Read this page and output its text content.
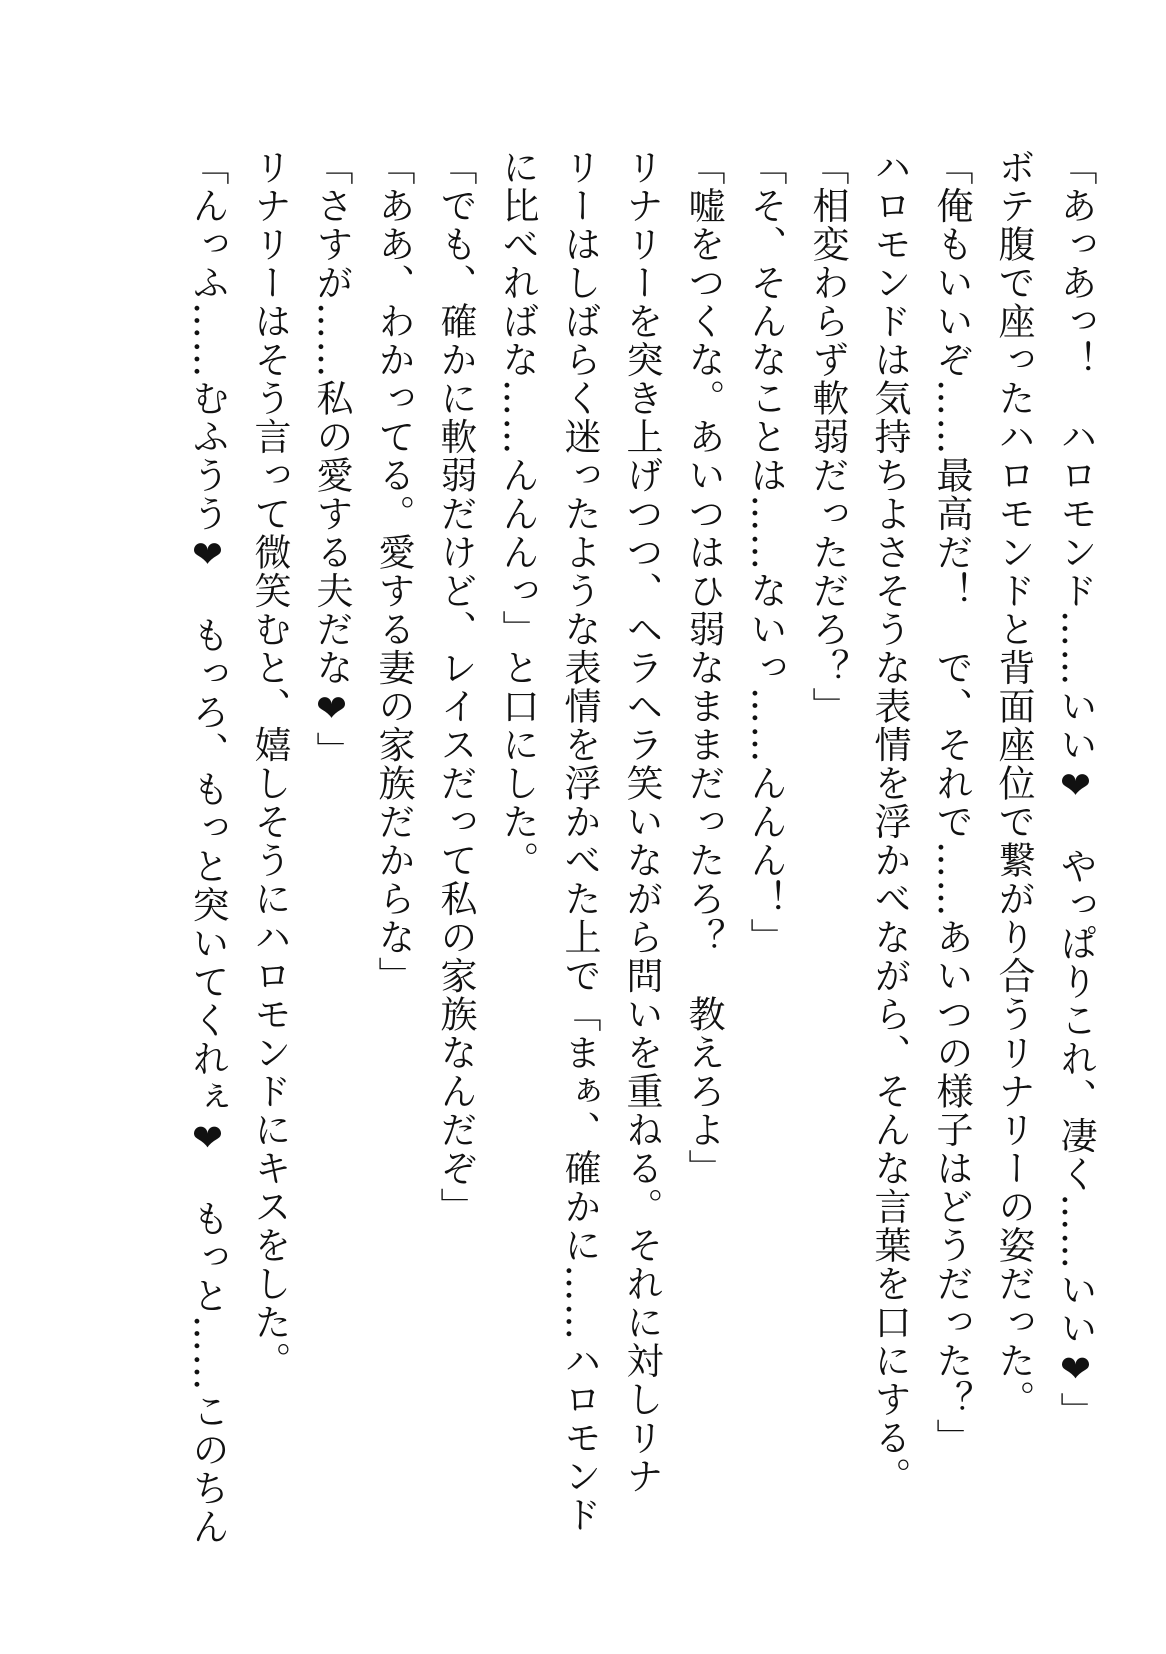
「あっあっ！　ハロモンド……いい❤　やっぱりこれ、凄く……いい❤」

ボテ腹で座ったハロモンドと背面座位で繋がり合うリナリーの姿だった。

「俺もいいぞ……最高だ！　で、それで……あいつの様子はどうだった？」

ハロモンドは気持ちよさそうな表情を浮かべながら、そんな言葉を口にする。

「相変わらず軟弱だっただろ？」

「そ、そんなことは……ないっ……んんん！」

「嘘をつくな。あいつはひ弱なままだったろ？　教えろよ」

リナリーを突き上げつつ、ヘラヘラ笑いながら問いを重ねる。それに対しリナ

リーはしばらく迷ったような表情を浮かべた上で「まぁ、確かに……ハロモンド

に比べればな……んんんっ」と口にした。

「でも、確かに軟弱だけど、レイスだって私の家族なんだぞ」

「ああ、わかってる。愛する妻の家族だからな」

「さすが……私の愛する夫だな❤」

リナリーはそう言って微笑むと、嬉しそうにハロモンドにキスをした。

「んっふ……むふうう❤　もっろ、もっと突いてくれぇ❤　もっと……このちん
